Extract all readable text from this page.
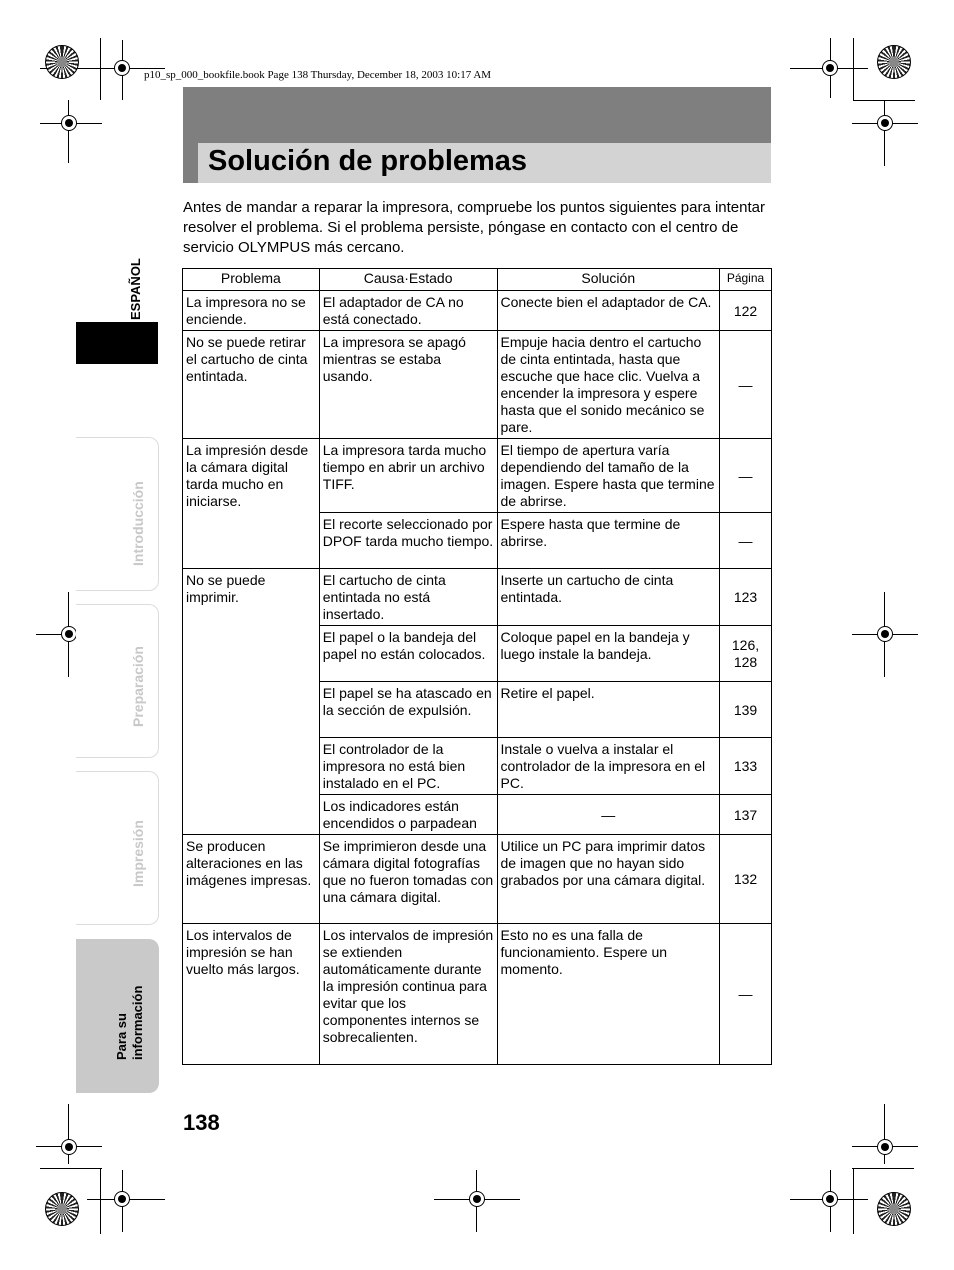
p10_sp_000_bookfile.book Page 138 Thursday, December 18, 2003 10:17 AM
Solución de problemas
Antes de mandar a reparar la impresora, compruebe los puntos siguientes para intentar resolver el problema. Si el problema persiste, póngase en contacto con el centro de servicio OLYMPUS más cercano.
ESPAÑOL
Introducción
Preparación
Impresión
Para su información
Problema	Causa·Estado	Solución	Página
La impresora no se enciende.	El adaptador de CA no está conectado.	Conecte bien el adaptador de CA.	122
No se puede retirar el cartucho de cinta entintada.	La impresora se apagó mientras se estaba usando.	Empuje hacia dentro el cartucho de cinta entintada, hasta que escuche que hace clic. Vuelva a encender la impresora y espere hasta que el sonido mecánico se pare.	—
La impresión desde la cámara digital tarda mucho en iniciarse.	La impresora tarda mucho tiempo en abrir un archivo TIFF.	El tiempo de apertura varía dependiendo del tamaño de la imagen. Espere hasta que termine de abrirse.	—
	El recorte seleccionado por DPOF tarda mucho tiempo.	Espere hasta que termine de abrirse.	—
No se puede imprimir.	El cartucho de cinta entintada no está insertado.	Inserte un cartucho de cinta entintada.	123
	El papel o la bandeja del papel no están colocados.	Coloque papel en la bandeja y luego instale la bandeja.	126, 128
	El papel se ha atascado en la sección de expulsión.	Retire el papel.	139
	El controlador de la impresora no está bien instalado en el PC.	Instale o vuelva a instalar el controlador de la impresora en el PC.	133
	Los indicadores están encendidos o parpadean	—	137
Se producen alteraciones en las imágenes impresas.	Se imprimieron desde una cámara digital fotografías que no fueron tomadas con una cámara digital.	Utilice un PC para imprimir datos de imagen que no hayan sido grabados por una cámara digital.	132
Los intervalos de impresión se han vuelto más largos.	Los intervalos de impresión se extienden automáticamente durante la impresión continua para evitar que los componentes internos se sobrecalienten.	Esto no es una falla de funcionamiento. Espere un momento.	—
138
